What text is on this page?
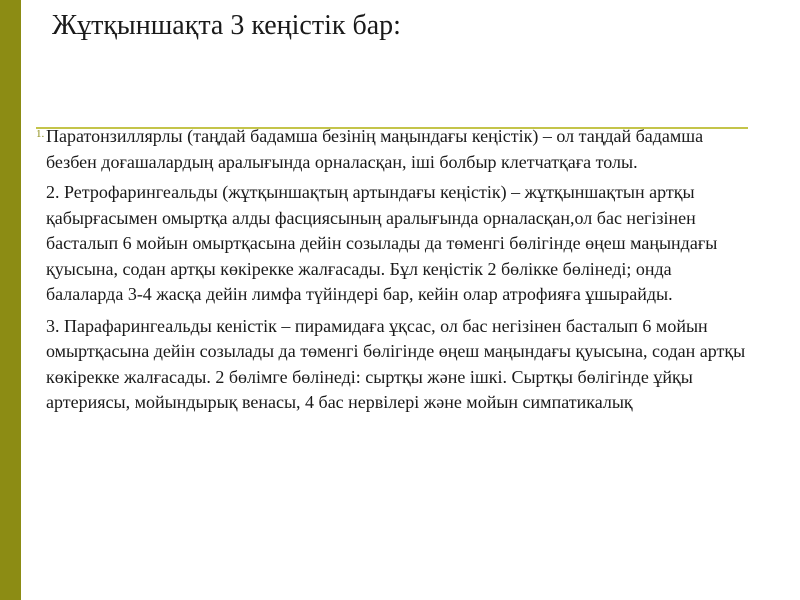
Жұтқыншақта 3 кеңістік бар:

1. Паратонзиллярлы (таңдай бадамша безінің маңындағы кеңістік) – ол таңдай бадамша безбен доғашалардың аралығында орналасқан, іші болбыр клетчатқаға толы.

2. Ретрофарингеальды (жұтқыншақтың артындағы кеңістік) – жұтқыншақтын артқы қабырғасымен омыртқа алды фасциясының аралығында орналасқан,ол бас негізінен басталып 6 мойын омыртқасына дейін созылады да төменгі бөлігінде өңеш маңындағы қуысына, содан артқы көкірекке жалғасады. Бұл кеңістік 2 бөлікке бөлінеді; онда балаларда 3-4 жасқа дейін лимфа түйіндері бар, кейін олар атрофияға ұшырайды.

3. Парафарингеальды кеністік – пирамидаға ұқсас, ол бас негізінен басталып 6 мойын омыртқасына дейін созылады да төменгі бөлігінде өңеш маңындағы қуысына, содан артқы көкірекке жалғасады. 2 бөлімге бөлінеді: сыртқы және ішкі. Сыртқы бөлігінде ұйқы артериясы, мойындырық венасы, 4 бас нервілері және мойын симпатикалық
